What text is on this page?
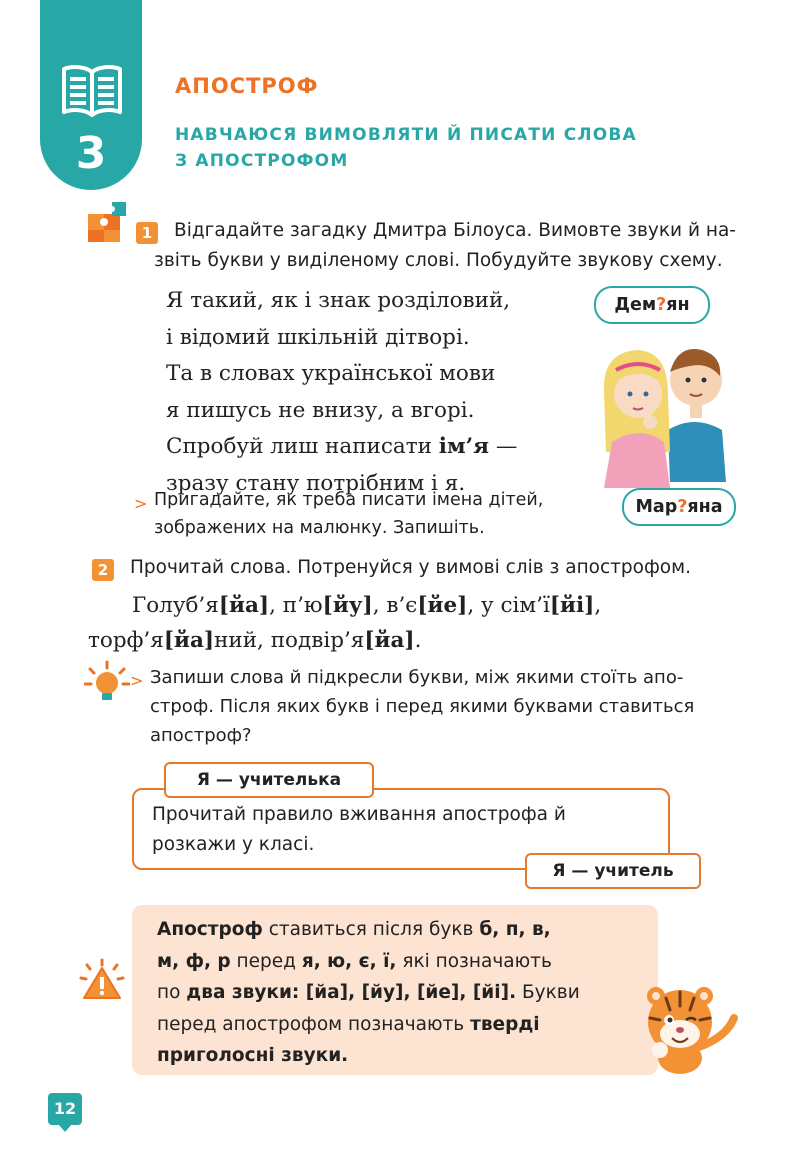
3
АПОСТРОФ
НАВЧАЮСЯ ВИМОВЛЯТИ Й ПИСАТИ СЛОВА
З АПОСТРОФОМ
1	Відгадайте загадку Дмитра Білоуса. Вимовте звуки й на-
звіть букви у виділеному слові. Побудуйте звукову схему.
Я такий, як і знак розділовий,
і відомий шкільній дітворі.
Та в словах української мови
я пишусь не внизу, а вгорі.
Спробуй лиш написати ім’я —
зразу стану потрібним і я.
Дем?ян
Мар?яна
> Пригадайте, як треба писати імена дітей,
зображених на малюнку. Запишіть.
2	Прочитай слова. Потренуйся у вимові слів з апострофом.

Голуб’я[йа], п’ю[йу], в’є[йе], у сім’ї[йі],

торф’я[йа]ний, подвір’я[йа].

> Запиши слова й підкресли букви, між якими стоїть апо-
строф. Після яких букв і перед якими буквами ставиться
апостроф?
Я — учителька
Прочитай правило вживання апострофа й
розкажи у класі.
Я — учитель
Апостроф ставиться після букв б, п, в,
м, ф, р перед я, ю, є, ї, які позначають
по два звуки: [йа], [йу], [йе], [йі]. Букви
перед апострофом позначають тверді
приголосні звуки.
12
